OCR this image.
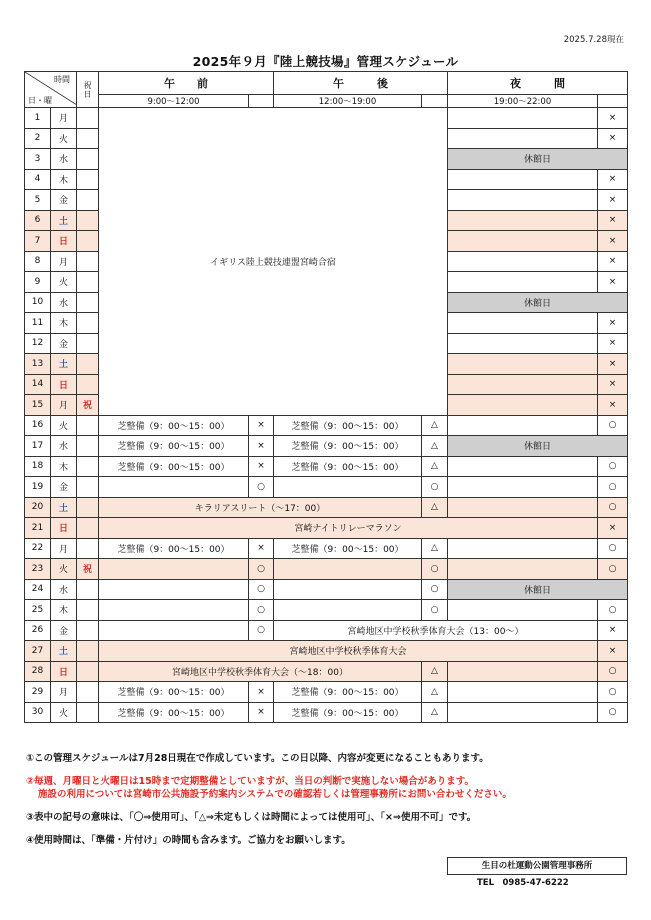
2025.7.28現在
2025年９月『陸上競技場』管理スケジュール
時間
日・曜		祝日	午　　前		午　　　後		夜　　　間	
			9:00～12:00		12:00～19:00		19:00～22:00	
1	月		イギリス陸上競技連盟宮崎合宿					×
2	火							×
3	水						休館日	
4	木							×
5	金							×
6	土							×
7	日							×
8	月							×
9	火							×
10	水						休館日	
11	木							×
12	金							×
13	土							×
14	日							×
15	月	祝						×
16	火		芝整備（9：00～15：00）	×	芝整備（9：00～15：00）	△		○
17	水		芝整備（9：00～15：00）	×	芝整備（9：00～15：00）	△	休館日	
18	木		芝整備（9：00～15：00）	×	芝整備（9：00～15：00）	△		○
19	金			○		○		○
20	土		キラリアスリート（～17：00）			△		○
21	日		宮崎ナイトリレーマラソン					×
22	月		芝整備（9：00～15：00）	×	芝整備（9：00～15：00）	△		○
23	火	祝		○		○		○
24	水			○		○	休館日	
25	木			○		○		○
26	金			○	宮崎地区中学校秋季体育大会（13：00～）			×
27	土		宮崎地区中学校秋季体育大会					×
28	日		宮崎地区中学校秋季体育大会（～18：00）			△		○
29	月		芝整備（9：00～15：00）	×	芝整備（9：00～15：00）	△		○
30	火		芝整備（9：00～15：00）	×	芝整備（9：00～15：00）	△		○

①この管理スケジュールは7月28日現在で作成しています。この日以降、内容が変更になることもあります。

②毎週、月曜日と火曜日は15時まで定期整備としていますが、当日の判断で実施しない場合があります。
施設の利用については宮崎市公共施設予約案内システムでの確認若しくは管理事務所にお問い合わせください。

③表中の記号の意味は、「〇⇒使用可」、「△⇒未定もしくは時間によっては使用可」、「×⇒使用不可」です。

④使用時間は、「準備・片付け」の時間も含みます。ご協力をお願いします。

生目の杜運動公園管理事務所
TEL　0985-47-6222
